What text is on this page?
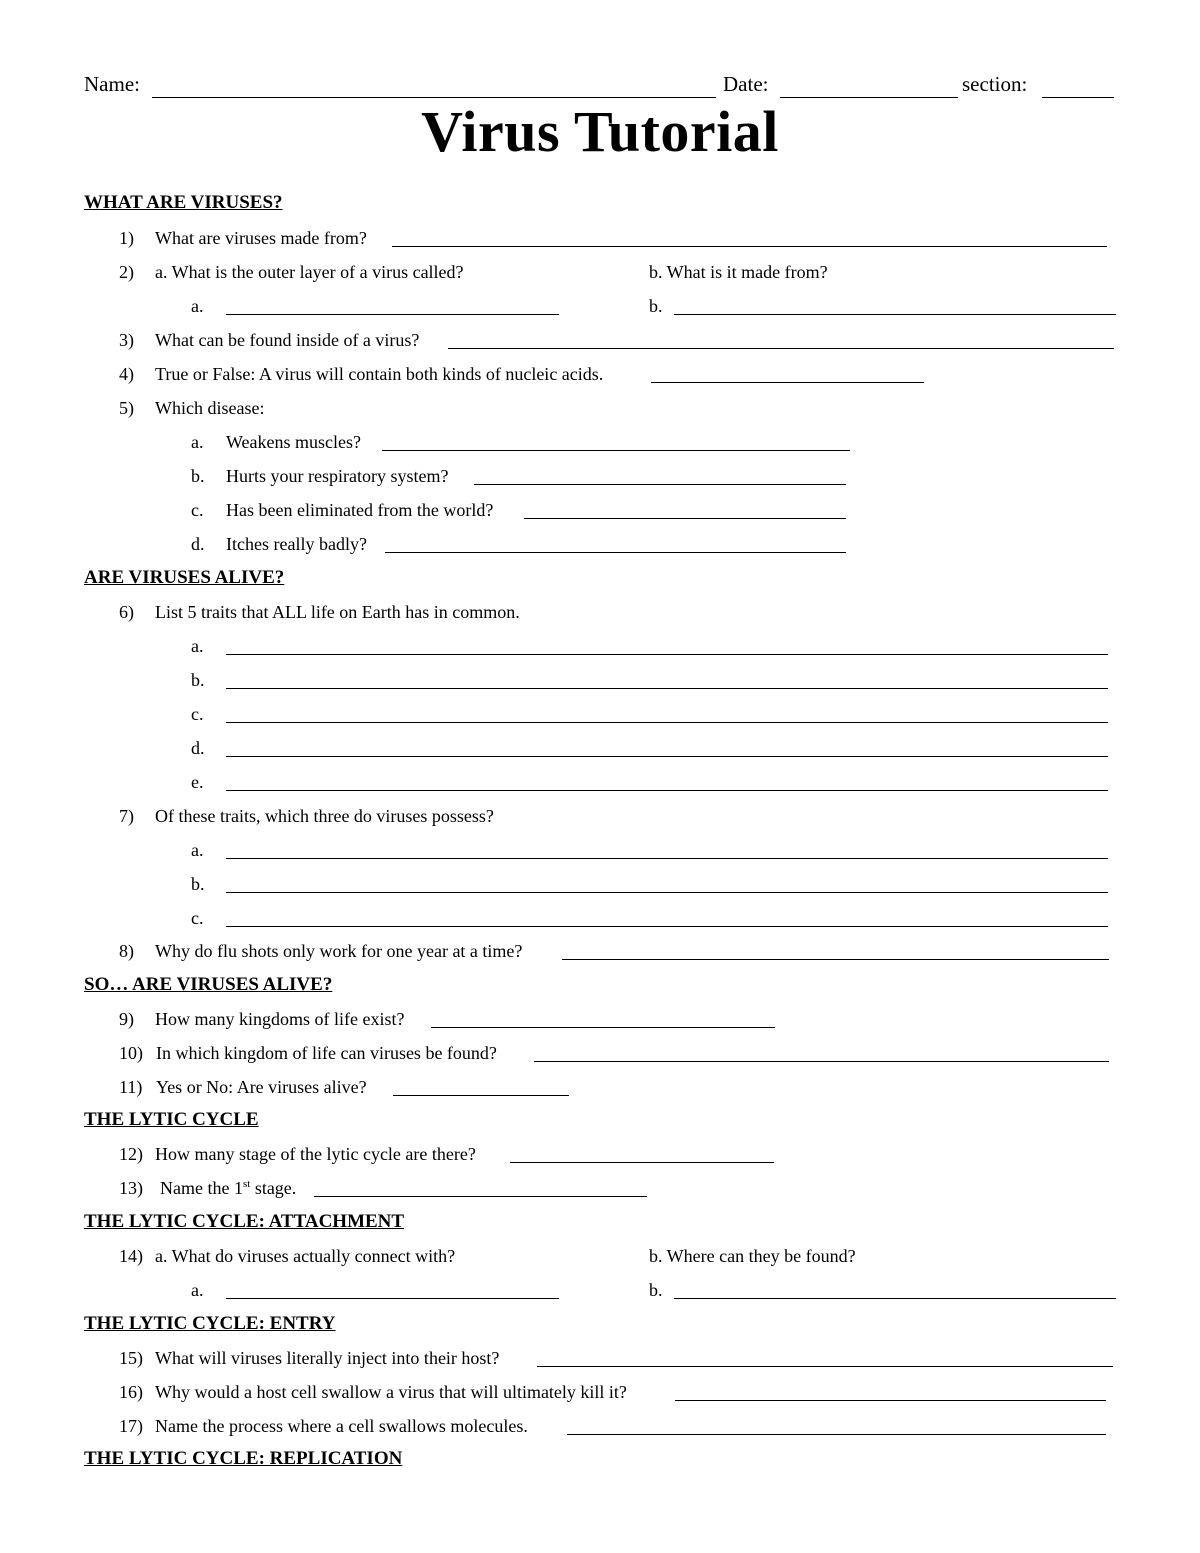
Name:	Date:	section:
Virus Tutorial
WHAT ARE VIRUSES?
1) What are viruses made from?
2) a. What is the outer layer of a virus called?	b. What is it made from?
a.	b.
3) What can be found inside of a virus?
4) True or False: A virus will contain both kinds of nucleic acids.
5) Which disease:
a. Weakens muscles?
b. Hurts your respiratory system?
c. Has been eliminated from the world?
d. Itches really badly?
ARE VIRUSES ALIVE?
6) List 5 traits that ALL life on Earth has in common.
a.
b.
c.
d.
e.
7) Of these traits, which three do viruses possess?
a.
b.
c.
8) Why do flu shots only work for one year at a time?
SO… ARE VIRUSES ALIVE?
9) How many kingdoms of life exist?
10) In which kingdom of life can viruses be found?
11) Yes or No: Are viruses alive?
THE LYTIC CYCLE
12) How many stage of the lytic cycle are there?
13) Name the 1st stage.
THE LYTIC CYCLE: ATTACHMENT
14) a. What do viruses actually connect with?	b. Where can they be found?
a.	b.
THE LYTIC CYCLE: ENTRY
15) What will viruses literally inject into their host?
16) Why would a host cell swallow a virus that will ultimately kill it?
17) Name the process where a cell swallows molecules.
THE LYTIC CYCLE: REPLICATION
